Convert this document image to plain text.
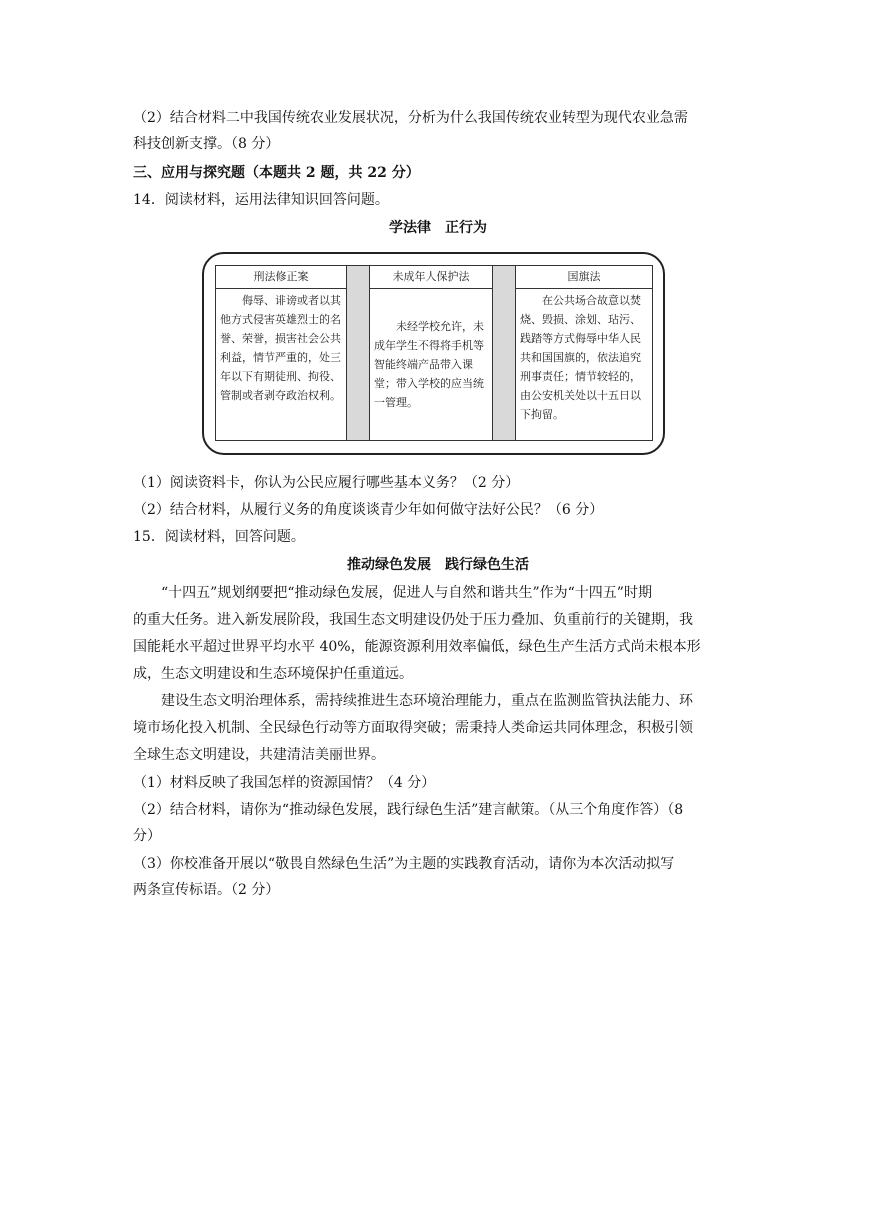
（2）结合材料二中我国传统农业发展状况，分析为什么我国传统农业转型为现代农业急需
科技创新支撑。（8 分）
三、应用与探究题（本题共 2 题，共 22 分）
14．阅读材料，运用法律知识回答问题。
学法律　正行为
刑法修正案
　　侮辱、诽谤或者以其他方式侵害英雄烈士的名誉、荣誉，损害社会公共利益，情节严重的，处三年以下有期徒刑、拘役、管制或者剥夺政治权利。
未成年人保护法
　　未经学校允许，未成年学生不得将手机等智能终端产品带入课堂；带入学校的应当统一管理。
国旗法
　　在公共场合故意以焚烧、毁损、涂划、玷污、践踏等方式侮辱中华人民共和国国旗的，依法追究刑事责任；情节较轻的，由公安机关处以十五日以下拘留。
（1）阅读资料卡，你认为公民应履行哪些基本义务？（2 分）
（2）结合材料，从履行义务的角度谈谈青少年如何做守法好公民？（6 分）
15．阅读材料，回答问题。
推动绿色发展　践行绿色生活
　　“十四五”规划纲要把“推动绿色发展，促进人与自然和谐共生”作为“十四五”时期
的重大任务。进入新发展阶段，我国生态文明建设仍处于压力叠加、负重前行的关键期，我
国能耗水平超过世界平均水平 40%，能源资源利用效率偏低，绿色生产生活方式尚未根本形
成，生态文明建设和生态环境保护任重道远。
　　建设生态文明治理体系，需持续推进生态环境治理能力，重点在监测监管执法能力、环
境市场化投入机制、全民绿色行动等方面取得突破；需秉持人类命运共同体理念，积极引领
全球生态文明建设，共建清洁美丽世界。
（1）材料反映了我国怎样的资源国情？（4 分）
（2）结合材料，请你为“推动绿色发展，践行绿色生活”建言献策。（从三个角度作答）（8
分）
（3）你校准备开展以“敬畏自然绿色生活”为主题的实践教育活动，请你为本次活动拟写
两条宣传标语。（2 分）
